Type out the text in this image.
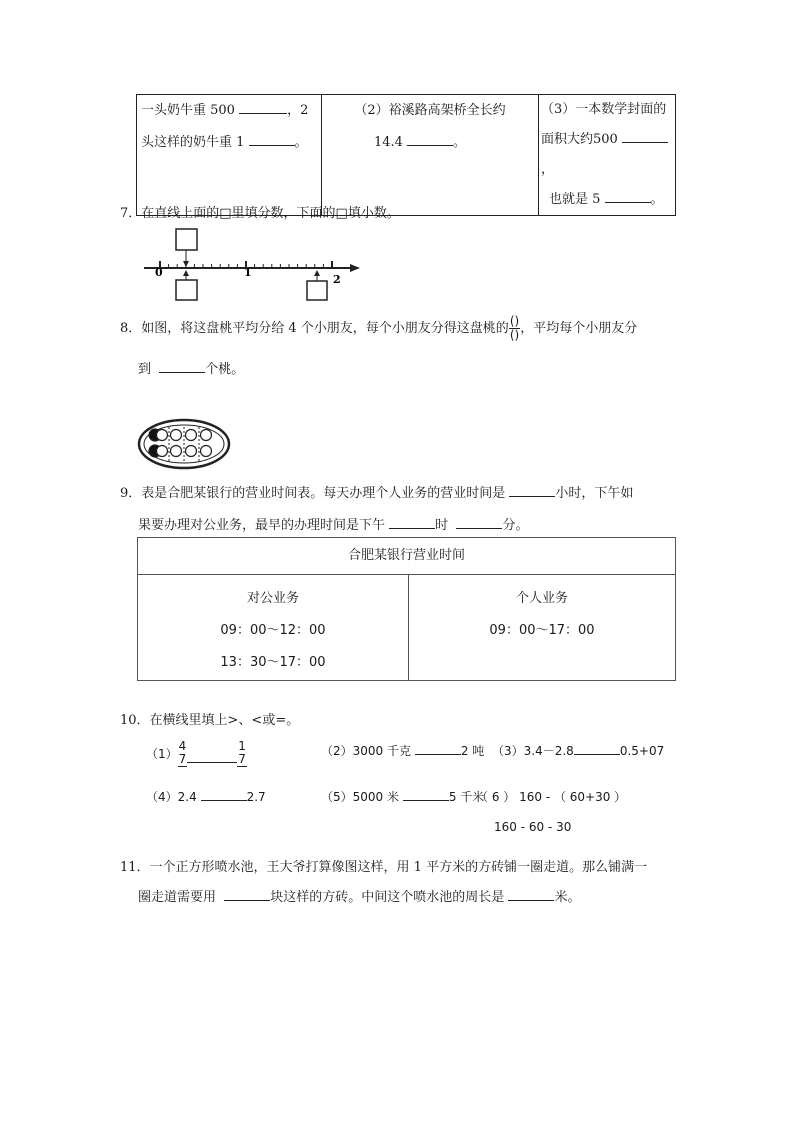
一头奶牛重 500	，2
头这样的奶牛重 1	。

（2）裕溪路高架桥全长约
14.4	。

（3）一本数学封面的
面积大约500 ，
也就是 5	。
7．在直线上面的□里填分数，下面的□填小数。
0	1
2
8．如图，将这盘桃平均分给 4 个小朋友，每个小朋友分得这盘桃的 $\frac{()}{()}$ ，平均每个小朋友分
到	个桃。
9．表是合肥某银行的营业时间表。每天办理个人业务的营业时间是	小时，下午如
果要办理对公业务，最早的办理时间是下午	时	分。
合肥某银行营业时间

对公业务
09：00～12：00
13：30～17：00

个人业务
09：00～17：00
10．在横线里填上>、<或=。
（1）
4
7
1
7
（2）3000 千克	2 吨 （3）3.4－2.8	0.5+07
（4）2.4	2.7	（5）5000 米	5 千米
（ 6 ） 160 - （ 60+30 ）
160 - 60 - 30
11．一个正方形喷水池，王大爷打算像图这样，用 1 平方米的方砖铺一圈走道。那么铺满一
圈走道需要用	块这样的方砖。中间这个喷水池的周长是	米。
